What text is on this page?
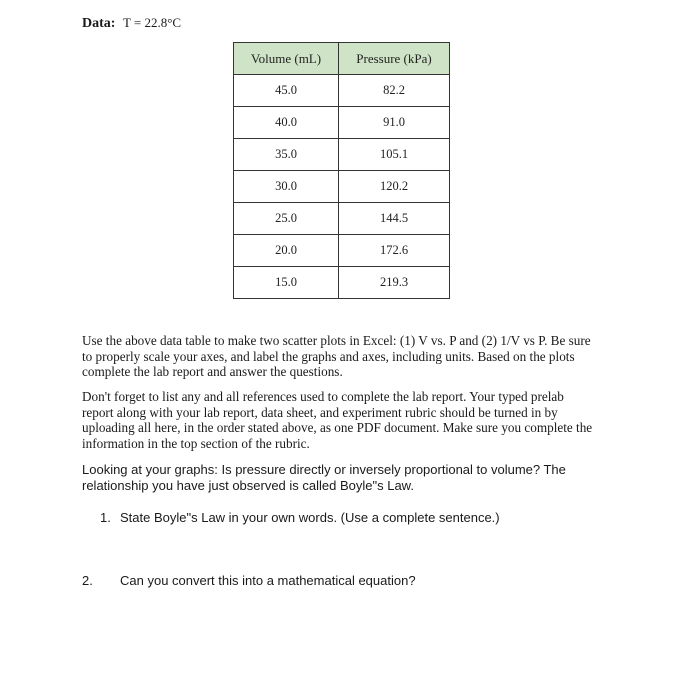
Data: T = 22.8°C
Volume (mL)	Pressure (kPa)
45.0	82.2
40.0	91.0
35.0	105.1
30.0	120.2
25.0	144.5
20.0	172.6
15.0	219.3

Use the above data table to make two scatter plots in Excel: (1) V vs. P and (2) 1/V vs P. Be sure to properly scale your axes, and label the graphs and axes, including units. Based on the plots complete the lab report and answer the questions.

Don't forget to list any and all references used to complete the lab report. Your typed prelab report along with your lab report, data sheet, and experiment rubric should be turned in by uploading all here, in the order stated above, as one PDF document. Make sure you complete the information in the top section of the rubric.

Looking at your graphs: Is pressure directly or inversely proportional to volume? The relationship you have just observed is called Boyle"s Law.

1. State Boyle"s Law in your own words. (Use a complete sentence.)
2. Can you convert this into a mathematical equation?
